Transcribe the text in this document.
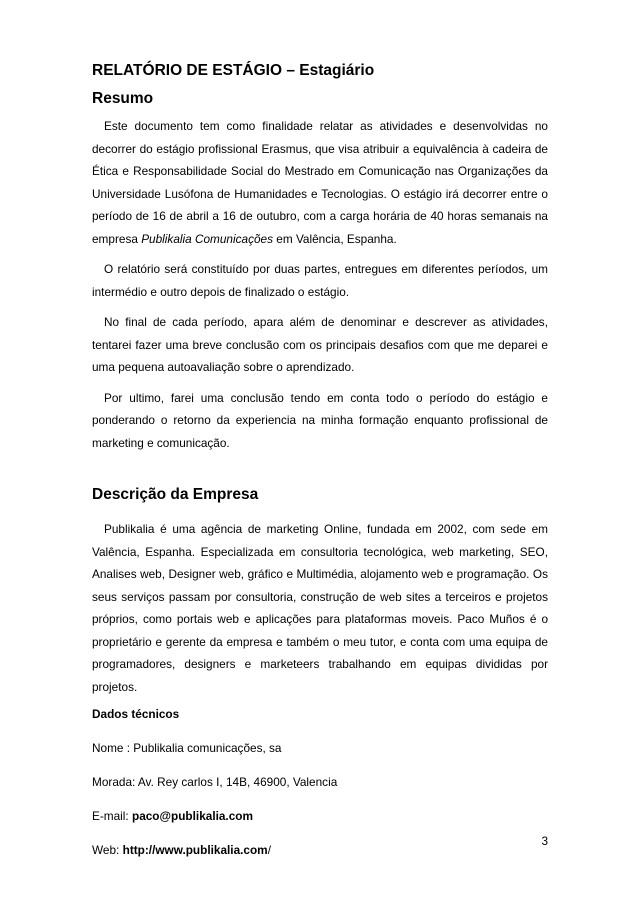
RELATÓRIO DE ESTÁGIO – Estagiário
Resumo

Este documento tem como finalidade relatar as atividades e desenvolvidas no decorrer do estágio profissional Erasmus, que visa atribuir a equivalência à cadeira de Ética e Responsabilidade Social do Mestrado em Comunicação nas Organizações da Universidade Lusófona de Humanidades e Tecnologias. O estágio irá decorrer entre o período de 16 de abril a 16 de outubro, com a carga horária de 40 horas semanais na empresa Publikalia Comunicações em Valência, Espanha.

O relatório será constituído por duas partes, entregues em diferentes períodos, um intermédio e outro depois de finalizado o estágio.

No final de cada período, apara além de denominar e descrever as atividades, tentarei fazer uma breve conclusão com os principais desafios com que me deparei e uma pequena autoavaliação sobre o aprendizado.

Por ultimo, farei uma conclusão tendo em conta todo o período do estágio e ponderando o retorno da experiencia na minha formação enquanto profissional de marketing e comunicação.

Descrição da Empresa

Publikalia é uma agência de marketing Online, fundada em 2002, com sede em Valência, Espanha. Especializada em consultoria tecnológica, web marketing, SEO, Analises web, Designer web, gráfico e Multimédia, alojamento web e programação. Os seus serviços passam por consultoria, construção de web sites a terceiros e projetos próprios, como portais web e aplicações para plataformas moveis. Paco Muños é o proprietário e gerente da empresa e também o meu tutor, e conta com uma equipa de programadores, designers e marketeers trabalhando em equipas divididas por projetos.

Dados técnicos

Nome : Publikalia comunicações, sa

Morada: Av. Rey carlos I, 14B, 46900, Valencia

E-mail: paco@publikalia.com

Web: http://www.publikalia.com/

3
